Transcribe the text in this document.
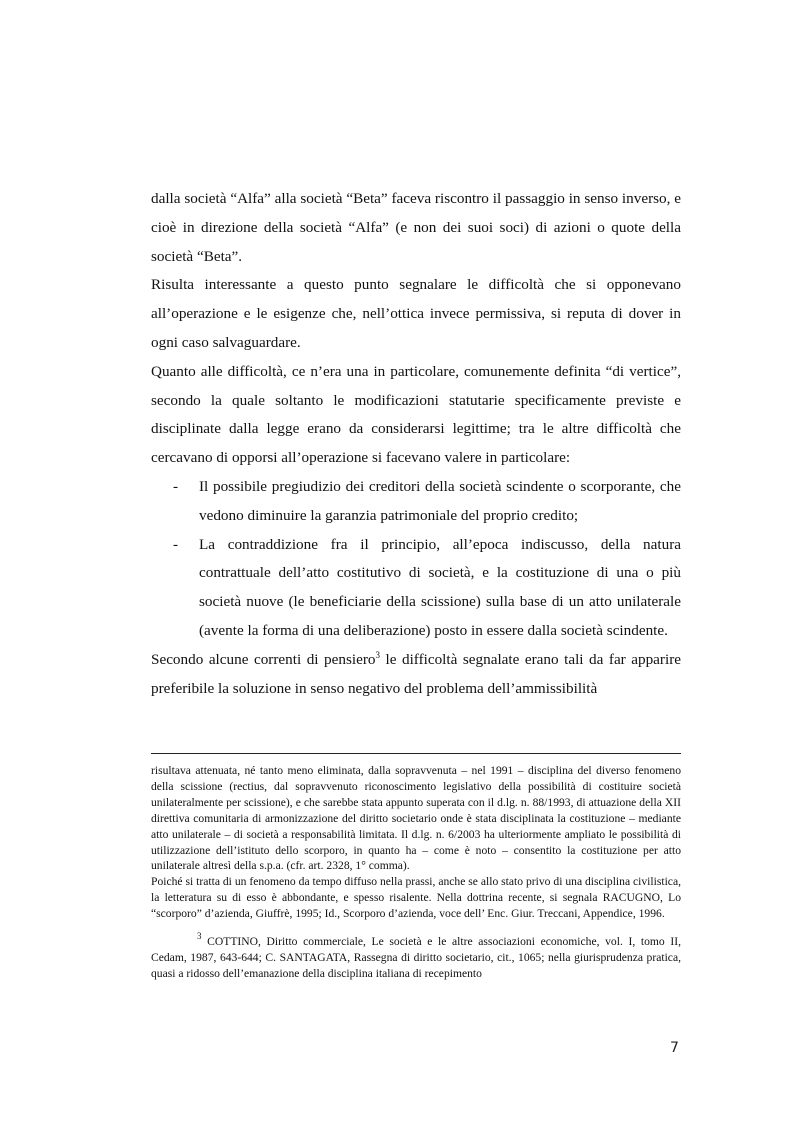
dalla società “Alfa” alla società “Beta” faceva riscontro il passaggio in senso inverso, e cioè in direzione della società “Alfa” (e non dei suoi soci) di azioni o quote della società “Beta”.

Risulta interessante a questo punto segnalare le difficoltà che si opponevano all’operazione e le esigenze che, nell’ottica invece permissiva, si reputa di dover in ogni caso salvaguardare.

Quanto alle difficoltà, ce n’era una in particolare, comunemente definita “di vertice”, secondo la quale soltanto le modificazioni statutarie specificamente previste e disciplinate dalla legge erano da considerarsi legittime; tra le altre difficoltà che cercavano di opporsi all’operazione si facevano valere in particolare:

- Il possibile pregiudizio dei creditori della società scindente o scorporante, che vedono diminuire la garanzia patrimoniale del proprio credito;
- La contraddizione fra il principio, all’epoca indiscusso, della natura contrattuale dell’atto costitutivo di società, e la costituzione di una o più società nuove (le beneficiarie della scissione) sulla base di un atto unilaterale (avente la forma di una deliberazione) posto in essere dalla società scindente.

Secondo alcune correnti di pensiero$^3$ le difficoltà segnalate erano tali da far apparire preferibile la soluzione in senso negativo del problema dell’ammissibilità

risultava attenuata, né tanto meno eliminata, dalla sopravvenuta – nel 1991 – disciplina del diverso fenomeno della scissione (rectius, dal sopravvenuto riconoscimento legislativo della possibilità di costituire società unilateralmente per scissione), e che sarebbe stata appunto superata con il d.lg. n. 88/1993, di attuazione della XII direttiva comunitaria di armonizzazione del diritto societario onde è stata disciplinata la costituzione – mediante atto unilaterale – di società a responsabilità limitata. Il d.lg. n. 6/2003 ha ulteriormente ampliato le possibilità di utilizzazione dell’istituto dello scorporo, in quanto ha – come è noto – consentito la costituzione per atto unilaterale altresì della s.p.a. (cfr. art. 2328, 1° comma).

Poiché si tratta di un fenomeno da tempo diffuso nella prassi, anche se allo stato privo di una disciplina civilistica, la letteratura su di esso è abbondante, e spesso risalente. Nella dottrina recente, si segnala RACUGNO, Lo “scorporo” d’azienda, Giuffrè, 1995; Id., Scorporo d’azienda, voce dell’ Enc. Giur. Treccani, Appendice, 1996.

$^3$ COTTINO, Diritto commerciale, Le società e le altre associazioni economiche, vol. I, tomo II, Cedam, 1987, 643-644; C. SANTAGATA, Rassegna di diritto societario, cit., 1065; nella giurisprudenza pratica, quasi a ridosso dell’emanazione della disciplina italiana di recepimento

7
